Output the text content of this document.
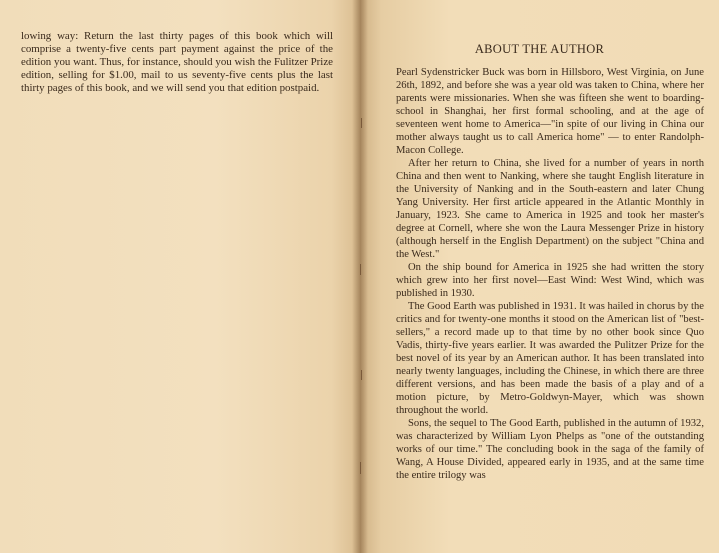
lowing way: Return the last thirty pages of this book which will comprise a twenty-five cents part payment against the price of the edition you want. Thus, for instance, should you wish the Fulitzer Prize edition, selling for $1.00, mail to us seventy-five cents plus the last thirty pages of this book, and we will send you that edition postpaid.

ABOUT THE AUTHOR

Pearl Sydenstricker Buck was born in Hillsboro, West Virginia, on June 26th, 1892, and before she was a year old was taken to China, where her parents were missionaries. When she was fifteen she went to boarding-school in Shanghai, her first formal schooling, and at the age of seventeen went home to America—"in spite of our living in China our mother always taught us to call America home" — to enter Randolph-Macon College.

After her return to China, she lived for a number of years in north China and then went to Nanking, where she taught English literature in the University of Nanking and in the South-eastern and later Chung Yang University. Her first article appeared in the Atlantic Monthly in January, 1923. She came to America in 1925 and took her master's degree at Cornell, where she won the Laura Messenger Prize in history (although herself in the English Department) on the subject "China and the West."

On the ship bound for America in 1925 she had written the story which grew into her first novel—East Wind: West Wind, which was published in 1930.

The Good Earth was published in 1931. It was hailed in chorus by the critics and for twenty-one months it stood on the American list of "best-sellers," a record made up to that time by no other book since Quo Vadis, thirty-five years earlier. It was awarded the Pulitzer Prize for the best novel of its year by an American author. It has been translated into nearly twenty languages, including the Chinese, in which there are three different versions, and has been made the basis of a play and of a motion picture, by Metro-Goldwyn-Mayer, which was shown throughout the world.

Sons, the sequel to The Good Earth, published in the autumn of 1932, was characterized by William Lyon Phelps as "one of the outstanding works of our time." The concluding book in the saga of the family of Wang, A House Divided, appeared early in 1935, and at the same time the entire trilogy was
